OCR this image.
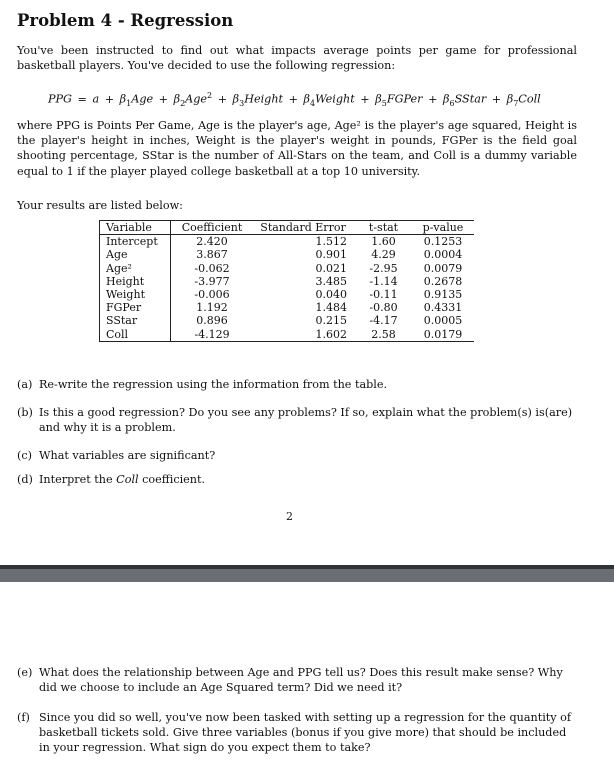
Problem 4 - Regression

You've been instructed to find out what impacts average points per game for professional basketball players. You've decided to use the following regression:

PPG = $a + \beta_1Age + \beta_2Age^2$ + $\beta_3Height$ + $\beta_4Weight$ + $\beta_5FGPer$ + $\beta_6SStar$ + $\beta_7Coll$

where PPG is Points Per Game, Age is the player's age, Age² is the player's age squared, Height is the player's height in inches, Weight is the player's weight in pounds, FGPer is the field goal shooting percentage, SStar is the number of All-Stars on the team, and Coll is a dummy variable equal to 1 if the player played college basketball at a top 10 university.

Your results are listed below:

Variable	Coefficient	Standard Error	t-stat	p-value
Intercept	2.420	1.512	1.60	0.1253
Age	3.867	0.901	4.29	0.0004
Age²	-0.062	0.021	-2.95	0.0079
Height	-3.977	3.485	-1.14	0.2678
Weight	-0.006	0.040	-0.11	0.9135
FGPer	1.192	1.484	-0.80	0.4331
SStar	0.896	0.215	-4.17	0.0005
Coll	-4.129	1.602	2.58	0.0179
(a) Re-write the regression using the information from the table.
(b) Is this a good regression? Do you see any problems? If so, explain what the problem(s) is(are) and why it is a problem.
(c) What variables are significant?
(d) Interpret the Coll coefficient.
2
(e) What does the relationship between Age and PPG tell us? Does this result make sense? Why did we choose to include an Age Squared term? Did we need it?
(f) Since you did so well, you've now been tasked with setting up a regression for the quantity of basketball tickets sold. Give three variables (bonus if you give more) that should be included in your regression. What sign do you expect them to take?
